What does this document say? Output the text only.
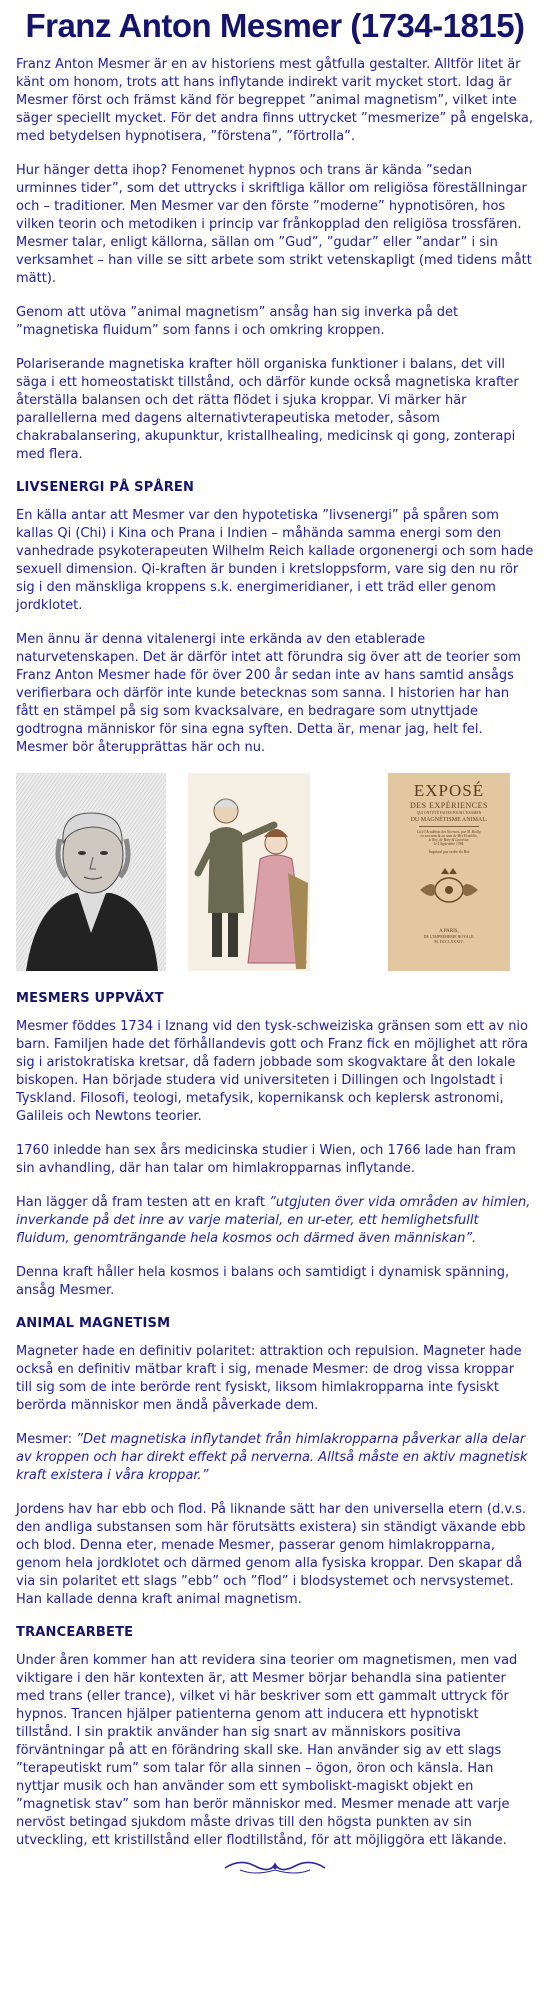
Franz Anton Mesmer (1734-1815)

Franz Anton Mesmer är en av historiens mest gåtfulla gestalter. Alltför litet är känt om honom, trots att hans inflytande indirekt varit mycket stort. Idag är Mesmer först och främst känd för begreppet ”animal magnetism”, vilket inte säger speciellt mycket. För det andra finns uttrycket ”mesmerize” på engelska, med betydelsen hypnotisera, ”förstena”, ”förtrolla”.

Hur hänger detta ihop? Fenomenet hypnos och trans är kända ”sedan urminnes tider”, som det uttrycks i skriftliga källor om religiösa föreställningar och – traditioner. Men Mesmer var den förste ”moderne” hypnotisören, hos vilken teorin och metodiken i princip var frånkopplad den religiösa trossfären. Mesmer talar, enligt källorna, sällan om ”Gud”, ”gudar” eller ”andar” i sin verksamhet – han ville se sitt arbete som strikt vetenskapligt (med tidens mått mätt).

Genom att utöva ”animal magnetism” ansåg han sig inverka på det ”magnetiska fluidum” som fanns i och omkring kroppen.

Polariserande magnetiska krafter höll organiska funktioner i balans, det vill säga i ett homeostatiskt tillstånd, och därför kunde också magnetiska krafter återställa balansen och det rätta flödet i sjuka kroppar. Vi märker här parallellerna med dagens alternativterapeutiska metoder, såsom chakrabalansering, akupunktur, kristallhealing, medicinsk qi gong, zonterapi med flera.

LIVSENERGI PÅ SPÅREN

En källa antar att Mesmer var den hypotetiska ”livsenergi” på spåren som kallas Qi (Chi) i Kina och Prana i Indien – måhända samma energi som den vanhedrade psykoterapeuten Wilhelm Reich kallade orgonenergi och som hade sexuell dimension. Qi-kraften är bunden i kretsloppsform, vare sig den nu rör sig i den mänskliga kroppens s.k. energimeridianer, i ett träd eller genom jordklotet.

Men ännu är denna vitalenergi inte erkända av den etablerade naturvetenskapen. Det är därför intet att förundra sig över att de teorier som Franz Anton Mesmer hade för över 200 år sedan inte av hans samtid ansågs verifierbara och därför inte kunde betecknas som sanna. I historien har han fått en stämpel på sig som kvacksalvare, en bedragare som utnyttjade godtrogna människor för sina egna syften. Detta är, menar jag, helt fel. Mesmer bör återupprättas här och nu.

EXPOSÉ
DES EXPÉRIENCES
QUI ONT ÉTÉ FAITES POUR L'EXAMEN
DU MAGNÉTISME ANIMAL.
Lû à l'Académie des Sciences, par M. Bailly,
en son nom & au nom de Mrs Franklin,
le Roy, de Bory & Lavoisier,
le 4 Septembre 1784.
Imprimé par ordre du Roi
A PARIS,
DE L'IMPRIMERIE ROYALE.
M. DCCLXXXIV.
MESMERS UPPVÄXT

Mesmer föddes 1734 i Iznang vid den tysk-schweiziska gränsen som ett av nio barn. Familjen hade det förhållandevis gott och Franz fick en möjlighet att röra sig i aristokratiska kretsar, då fadern jobbade som skogvaktare åt den lokale biskopen. Han började studera vid universiteten i Dillingen och Ingolstadt i Tyskland. Filosofi, teologi, metafysik, kopernikansk och keplersk astronomi, Galileis och Newtons teorier.

1760 inledde han sex års medicinska studier i Wien, och 1766 lade han fram sin avhandling, där han talar om himlakropparnas inflytande.

Han lägger då fram testen att en kraft ”utgjuten över vida områden av himlen, inverkande på det inre av varje material, en ur-eter, ett hemlighetsfullt fluidum, genomträngande hela kosmos och därmed även människan”.

Denna kraft håller hela kosmos i balans och samtidigt i dynamisk spänning, ansåg Mesmer.

ANIMAL MAGNETISM

Magneter hade en definitiv polaritet: attraktion och repulsion. Magneter hade också en definitiv mätbar kraft i sig, menade Mesmer: de drog vissa kroppar till sig som de inte berörde rent fysiskt, liksom himlakropparna inte fysiskt berörda människor men ändå påverkade dem.

Mesmer: ”Det magnetiska inflytandet från himlakropparna påverkar alla delar av kroppen och har direkt effekt på nerverna. Alltså måste en aktiv magnetisk kraft existera i våra kroppar.”

Jordens hav har ebb och flod. På liknande sätt har den universella etern (d.v.s. den andliga substansen som här förutsätts existera) sin ständigt växande ebb och blod. Denna eter, menade Mesmer, passerar genom himlakropparna, genom hela jordklotet och därmed genom alla fysiska kroppar. Den skapar då via sin polaritet ett slags ”ebb” och ”flod” i blodsystemet och nervsystemet. Han kallade denna kraft animal magnetism.

TRANCEARBETE

Under åren kommer han att revidera sina teorier om magnetismen, men vad viktigare i den här kontexten är, att Mesmer börjar behandla sina patienter med trans (eller trance), vilket vi här beskriver som ett gammalt uttryck för hypnos. Trancen hjälper patienterna genom att inducera ett hypnotiskt tillstånd. I sin praktik använder han sig snart av människors positiva förväntningar på att en förändring skall ske. Han använder sig av ett slags ”terapeutiskt rum” som talar för alla sinnen – ögon, öron och känsla. Han nyttjar musik och han använder som ett symboliskt-magiskt objekt en ”magnetisk stav” som han berör människor med. Mesmer menade att varje nervöst betingad sjukdom måste drivas till den högsta punkten av sin utveckling, ett kristillstånd eller flodtillstånd, för att möjliggöra ett läkande.
